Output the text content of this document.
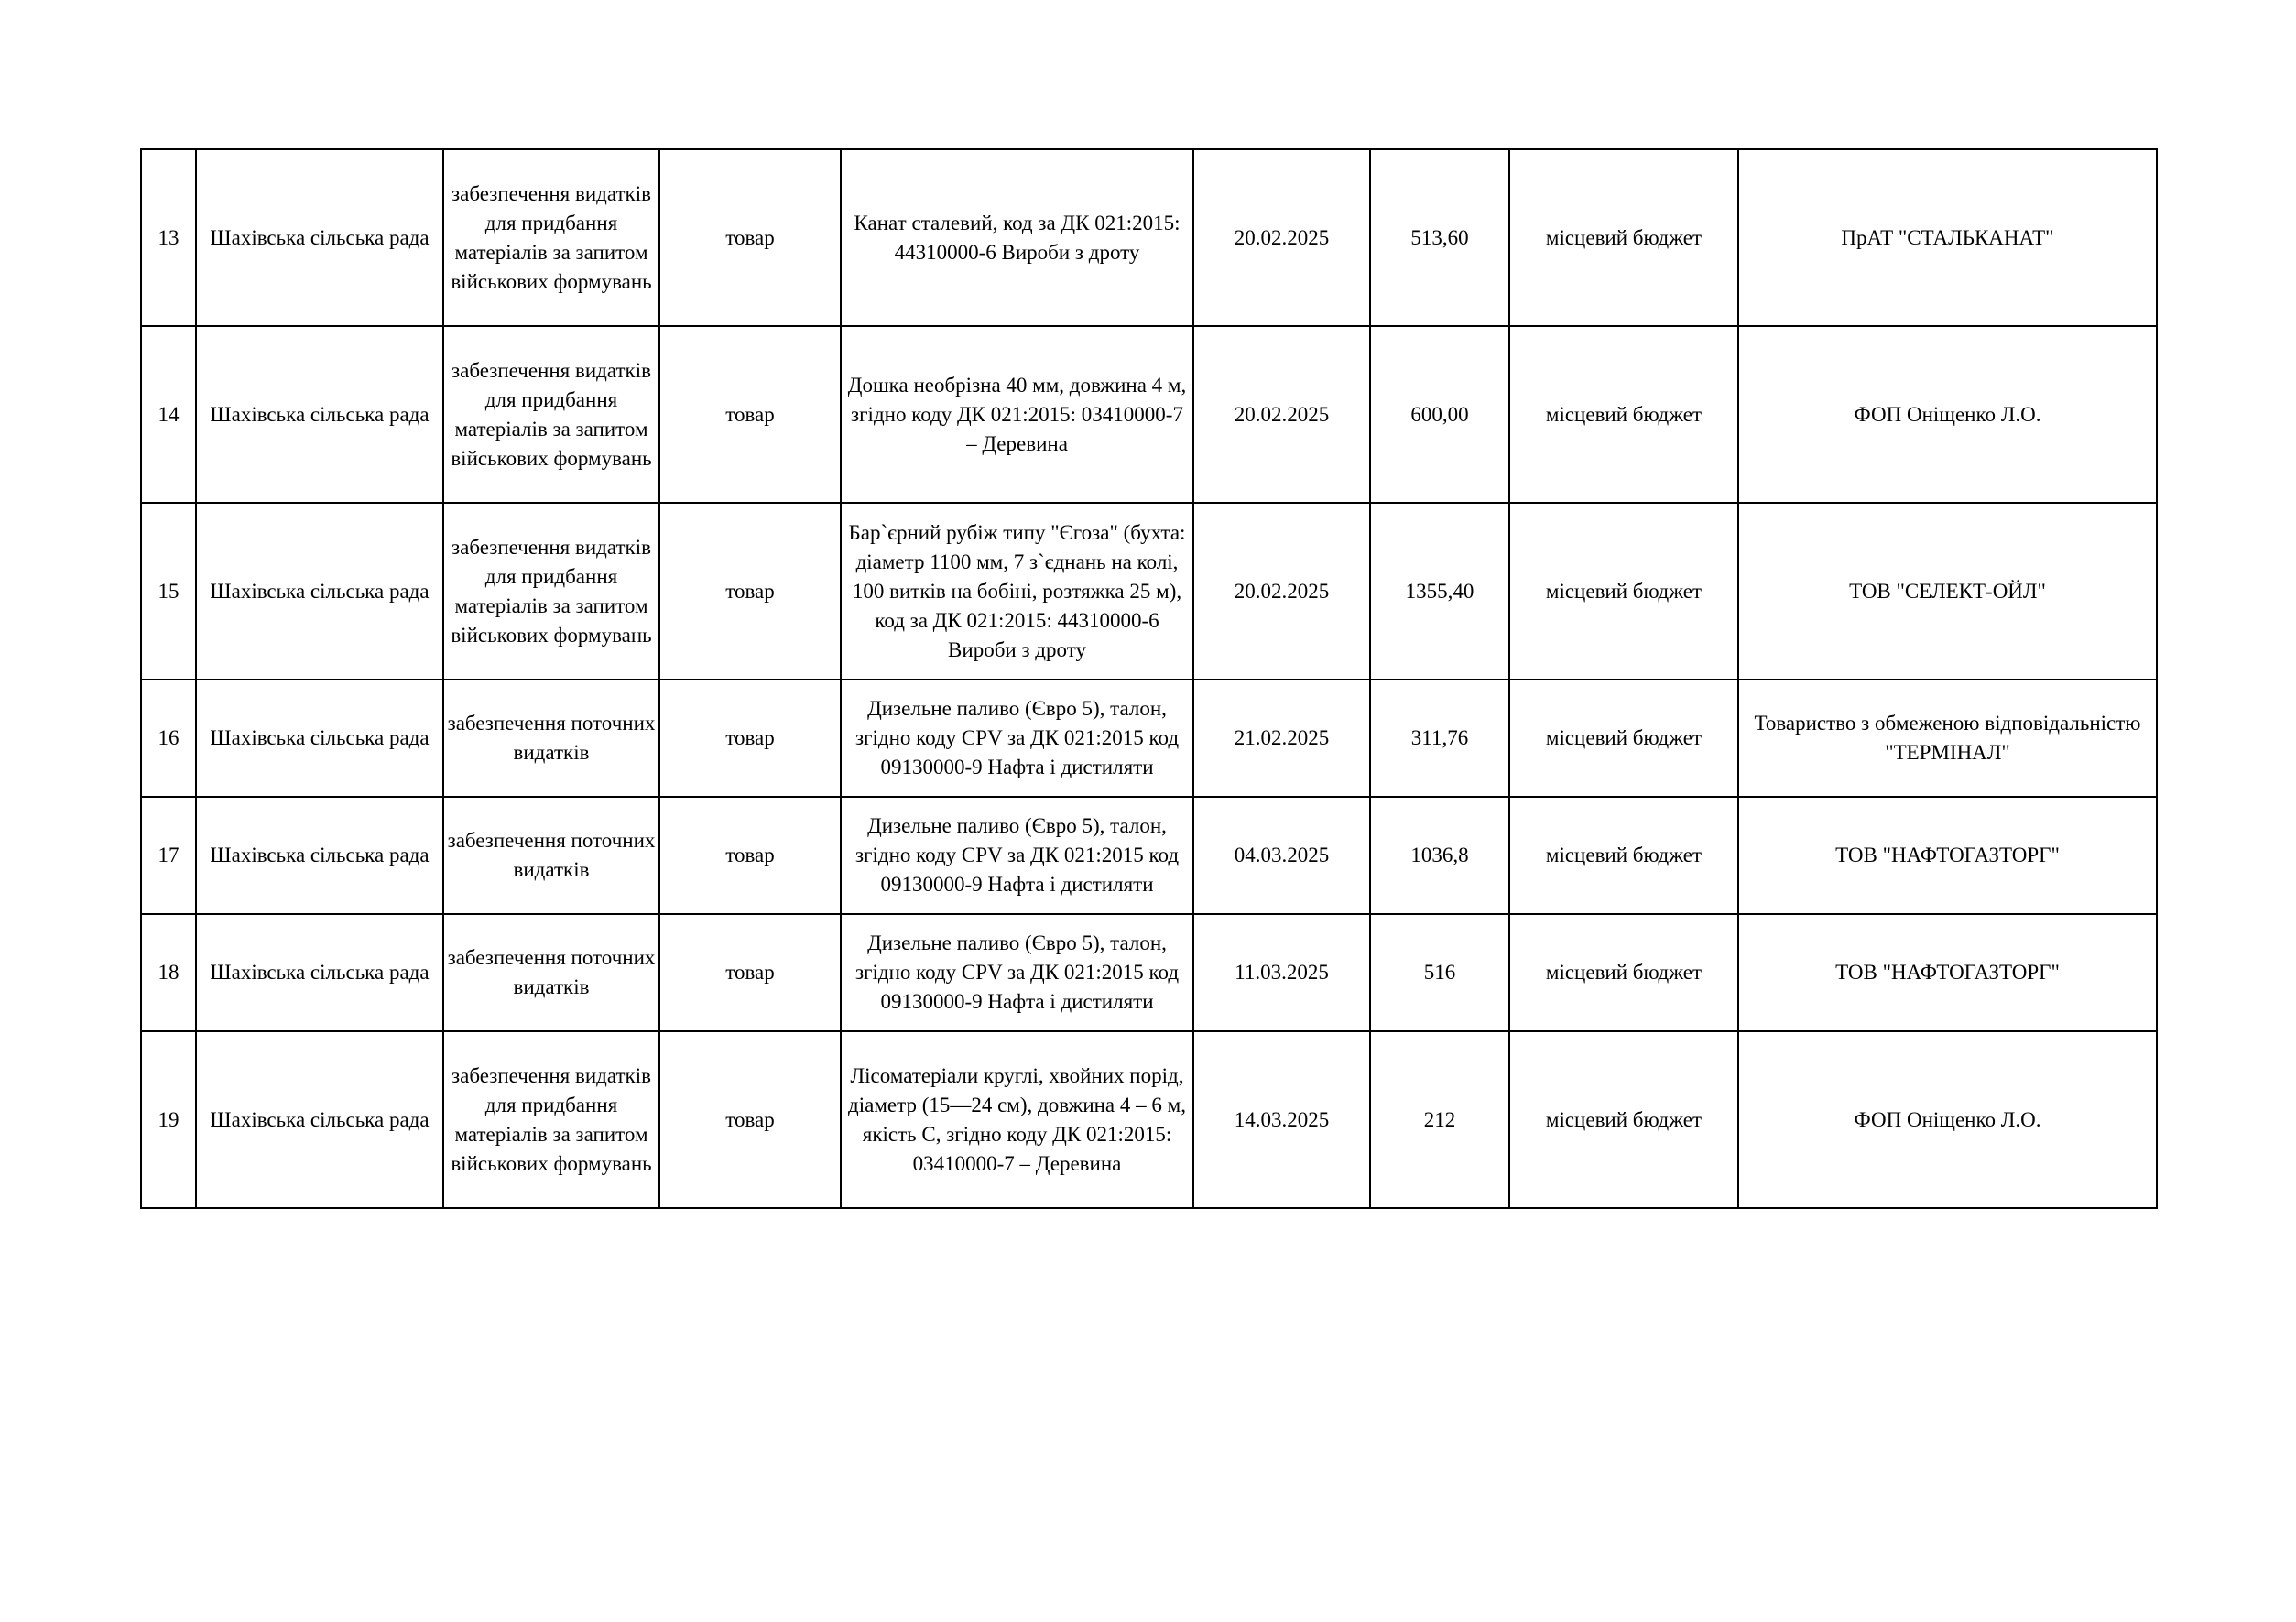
13	Шахівська сільська рада	забезпечення видатків для придбання матеріалів за запитом військових формувань	товар	Канат сталевий, код за ДК 021:2015: 44310000-6 Вироби з дроту	20.02.2025	513,60	місцевий бюджет	ПрАТ "СТАЛЬКАНАТ"
14	Шахівська сільська рада	забезпечення видатків для придбання матеріалів за запитом військових формувань	товар	Дошка необрізна 40 мм, довжина 4 м, згідно коду ДК 021:2015: 03410000-7 – Деревина	20.02.2025	600,00	місцевий бюджет	ФОП Оніщенко Л.О.
15	Шахівська сільська рада	забезпечення видатків для придбання матеріалів за запитом військових формувань	товар	Бар`єрний рубіж типу "Єгоза" (бухта: діаметр 1100 мм, 7 з`єднань на колі, 100 витків на бобіні, розтяжка 25 м), код за ДК 021:2015: 44310000-6 Вироби з дроту	20.02.2025	1355,40	місцевий бюджет	ТОВ "СЕЛЕКТ-ОЙЛ"
16	Шахівська сільська рада	забезпечення поточних видатків	товар	Дизельне паливо (Євро 5), талон, згідно коду CPV за ДК 021:2015 код 09130000-9 Нафта і дистиляти	21.02.2025	311,76	місцевий бюджет	Товариство з обмеженою відповідальністю "ТЕРМІНАЛ"
17	Шахівська сільська рада	забезпечення поточних видатків	товар	Дизельне паливо (Євро 5), талон, згідно коду CPV за ДК 021:2015 код 09130000-9 Нафта і дистиляти	04.03.2025	1036,8	місцевий бюджет	ТОВ "НАФТОГАЗТОРГ"
18	Шахівська сільська рада	забезпечення поточних видатків	товар	Дизельне паливо (Євро 5), талон, згідно коду CPV за ДК 021:2015 код 09130000-9 Нафта і дистиляти	11.03.2025	516	місцевий бюджет	ТОВ "НАФТОГАЗТОРГ"
19	Шахівська сільська рада	забезпечення видатків для придбання матеріалів за запитом військових формувань	товар	Лісоматеріали круглі, хвойних порід, діаметр (15—24 см), довжина 4 – 6 м, якість С, згідно коду ДК 021:2015: 03410000-7 – Деревина	14.03.2025	212	місцевий бюджет	ФОП Оніщенко Л.О.
